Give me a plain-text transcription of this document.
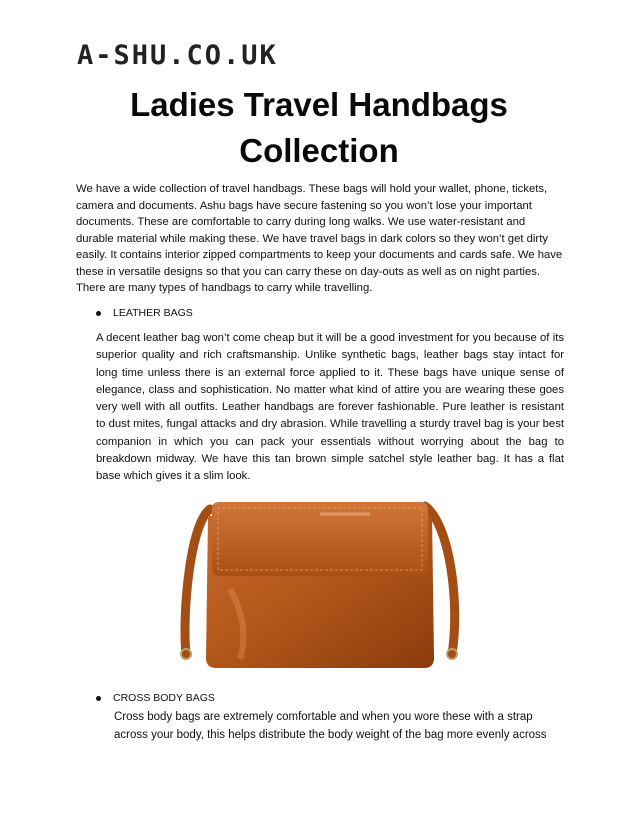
A-SHU.CO.UK
Ladies Travel Handbags
Collection
We have a wide collection of travel handbags. These bags will hold your wallet, phone, tickets, camera and documents. Ashu bags have secure fastening so you won’t lose your important documents. These are comfortable to carry during long walks. We use water-resistant and durable material while making these. We have travel bags in dark colors so they won’t get dirty easily. It contains interior zipped compartments to keep your documents and cards safe. We have these in versatile designs so that you can carry these on day-outs as well as on night parties. There are many types of handbags to carry while travelling.
LEATHER BAGS
A decent leather bag won’t come cheap but it will be a good investment for you because of its superior quality and rich craftsmanship. Unlike synthetic bags, leather bags stay intact for long time unless there is an external force applied to it. These bags have unique sense of elegance, class and sophistication. No matter what kind of attire you are wearing these goes very well with all outfits. Leather handbags are forever fashionable. Pure leather is resistant to dust mites, fungal attacks and dry abrasion. While travelling a sturdy travel bag is your best companion in which you can pack your essentials without worrying about the bag to breakdown midway. We have this tan brown simple satchel style leather bag. It has a flat base which gives it a slim look.
CROSS BODY BAGS
Cross body bags are extremely comfortable and when you wore these with a strap across your body, this helps distribute the body weight of the bag more evenly across
